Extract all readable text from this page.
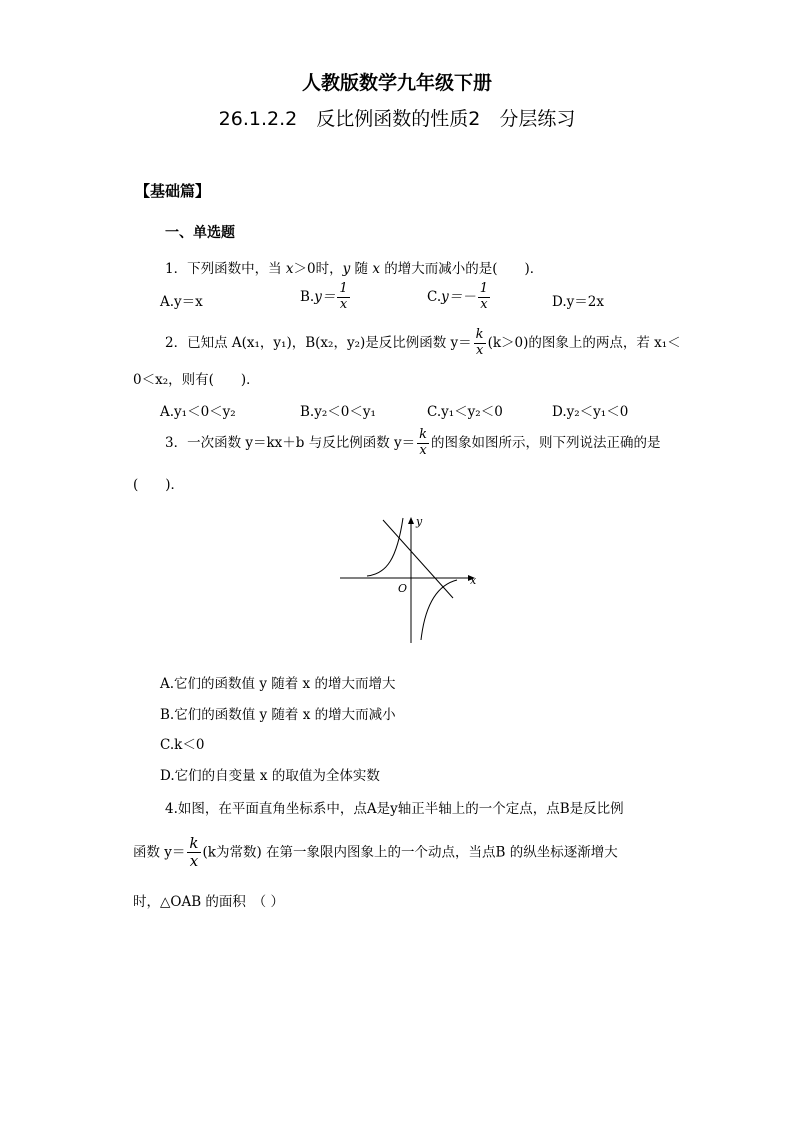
人教版数学九年级下册
26.1.2.2　反比例函数的性质2　分层练习
【基础篇】
一、单选题
1．下列函数中，当 x＞0时，y 随 x 的增大而减小的是(　　)．
A.y＝x	$B.y= \frac{1}{x}$	$C.y=- \frac{1}{x}$	D.y＝2x
2．已知点 A(x₁，y₁)，B(x₂，y₂)是反比例函数 $y= \frac{k}{x} (k>0)$的图象上的两点，若 x₁＜
0＜x₂，则有(　　)．
A.y₁＜0＜y₂	B.y₂＜0＜y₁	C.y₁＜y₂＜0	D.y₂＜y₁＜0
3．一次函数 y＝kx＋b 与反比例函数 $y= \frac{k}{x}$ 的图象如图所示，则下列说法正确的是
(　　)．
x
y
O
A.它们的函数值 y 随着 x 的增大而增大
B.它们的函数值 y 随着 x 的增大而减小
C.k＜0
D.它们的自变量 x 的取值为全体实数
4.如图，在平面直角坐标系中，点A是y轴正半轴上的一个定点，点B是反比例
函数 $y= \frac{k}{x} (k$为常数) 在第一象限内图象上的一个动点，当点B 的纵坐标逐渐增大
时，△OAB 的面积　（ ）
